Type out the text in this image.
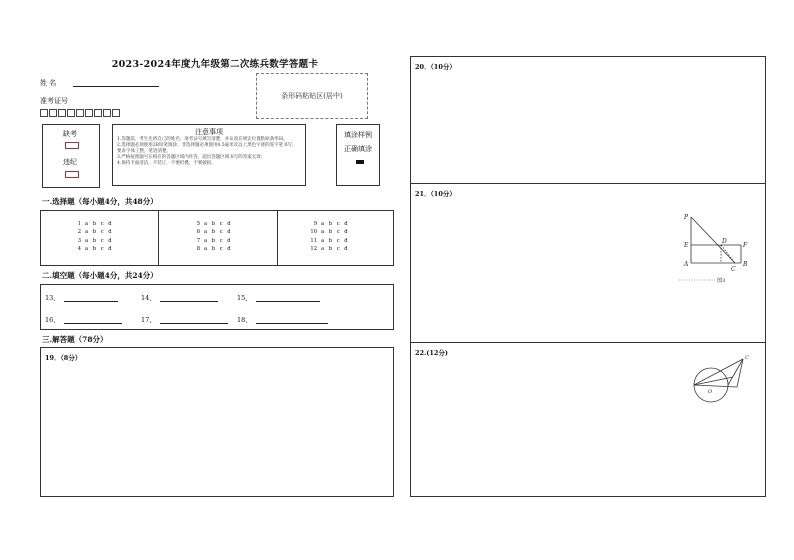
2023-2024年度九年级第二次练兵数学答题卡
姓 名
准考证号
条形码粘贴区(居中)
缺考
违纪
注意事项
1.答题前，考生先将自己的姓名、准考证号填写清楚，并认真在规定位置粘贴条形码。
2.选择题必须使用2B铅笔填涂；非选择题必须使用0.5毫米及以上黑色字迹的签字笔书写，要求字体工整，笔迹清楚。
3.严格按照题号在相应的答题区域内作答，超出答题区域书写的答案无效；
4.保持卡面清洁，不装订，不要折叠，不要破损。
填涂样例
正确填涂
一.选择题（每小题4分，共48分）
1 a b c d
2 a b c d
3 a b c d
4 a b c d
5 a b c d
6 a b c d
7 a b c d
8 a b c d
9 a b c d
10 a b c d
11 a b c d
12 a b c d
二.填空题（每小题4分，共24分）
13、	14、	15、
16、	17、	18、
三.解答题（78分）
19．（8分）
20．（10分）
21．（10分）
P
D
E	F
A
C
B
图3
22.(12分)
C
O
